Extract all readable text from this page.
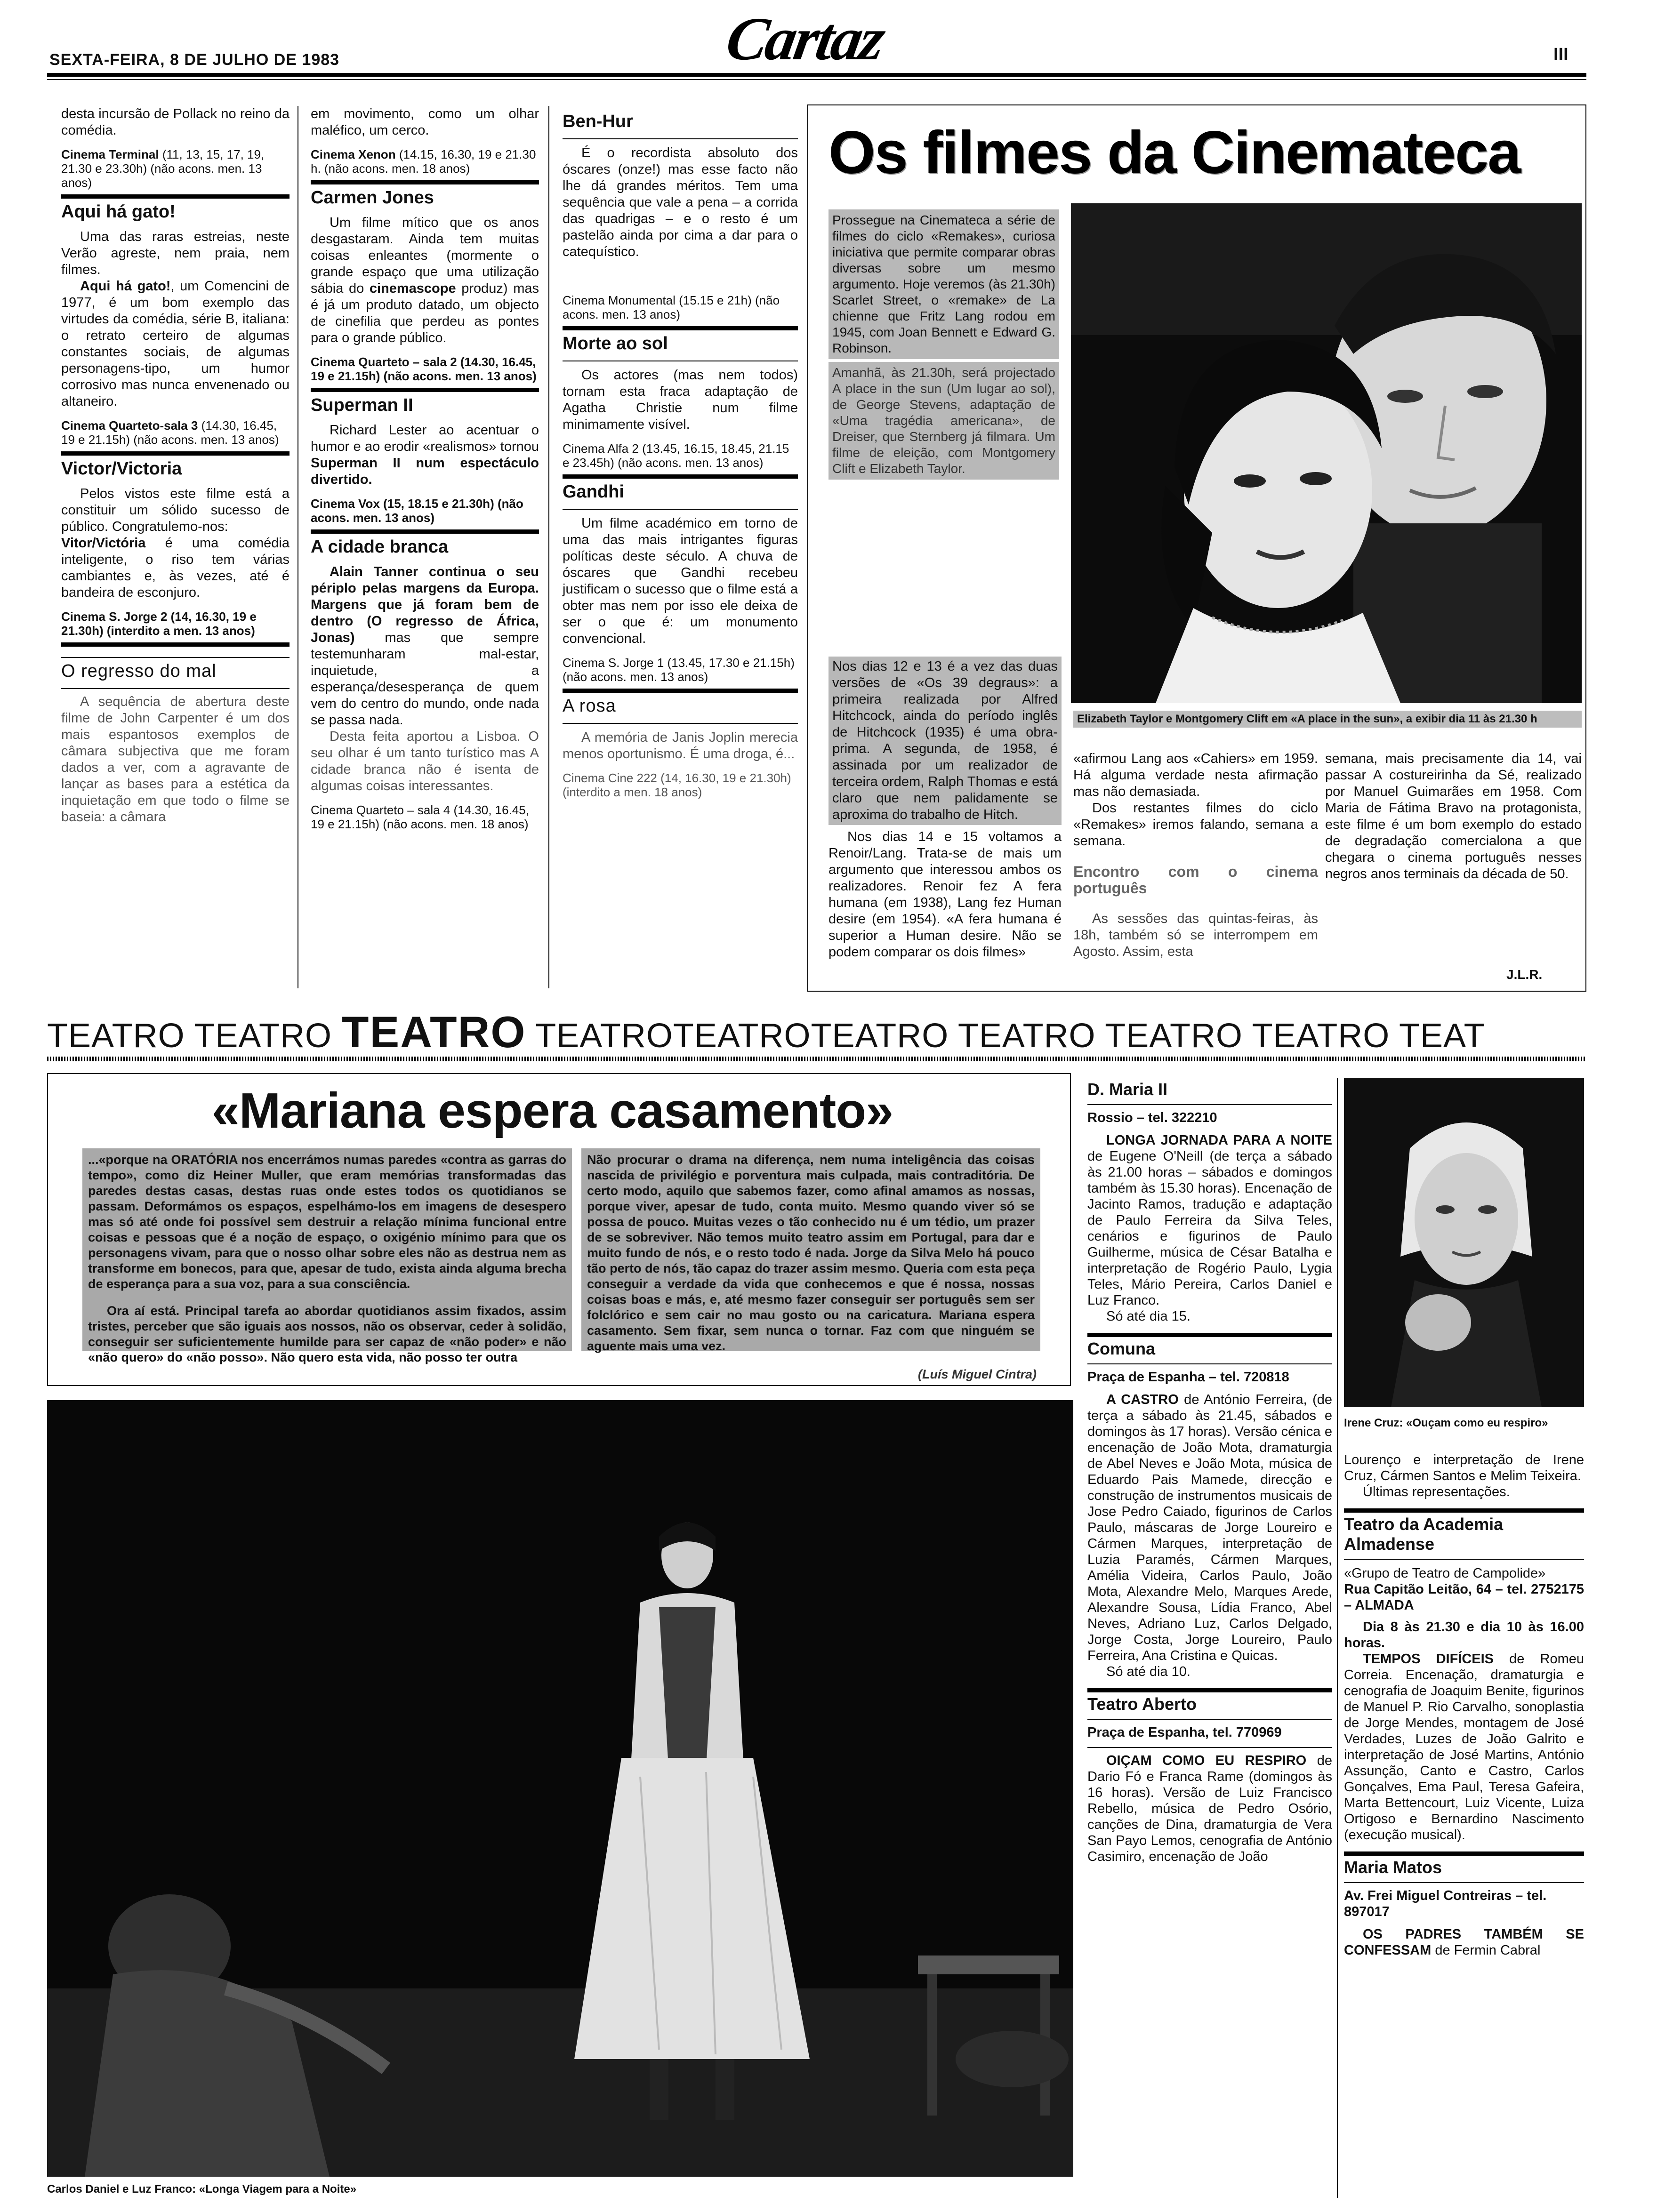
SEXTA-FEIRA, 8 DE JULHO DE 1983	Cartaz	III

desta incursão de Pollack no reino da comédia.

Cinema Terminal (11, 13, 15, 17, 19, 21.30 e 23.30h) (não acons. men. 13 anos)
Aqui há gato!

Uma das raras estreias, neste Verão agreste, nem praia, nem filmes.

Aqui há gato!, um Comencini de 1977, é um bom exemplo das virtudes da comédia, série B, italiana: o retrato certeiro de algumas constantes sociais, de algumas personagens-tipo, um humor corrosivo mas nunca envenenado ou altaneiro.

Cinema Quarteto-sala 3 (14.30, 16.45, 19 e 21.15h) (não acons. men. 13 anos)
Victor/Victoria

Pelos vistos este filme está a constituir um sólido sucesso de público. Congratulemo-nos:

Vitor/Victória é uma comédia inteligente, o riso tem várias cambiantes e, às vezes, até é bandeira de esconjuro.

Cinema S. Jorge 2 (14, 16.30, 19 e 21.30h) (interdito a men. 13 anos)
O regresso do mal

A sequência de abertura deste filme de John Carpenter é um dos mais espantosos exemplos de câmara subjectiva que me foram dados a ver, com a agravante de lançar as bases para a estética da inquietação em que todo o filme se baseia: a câmara

em movimento, como um olhar maléfico, um cerco.

Cinema Xenon (14.15, 16.30, 19 e 21.30 h. (não acons. men. 18 anos)
Carmen Jones

Um filme mítico que os anos desgastaram. Ainda tem muitas coisas enleantes (mormente o grande espaço que uma utilização sábia do cinemascope produz) mas é já um produto datado, um objecto de cinefilia que perdeu as pontes para o grande público.

Cinema Quarteto – sala 2 (14.30, 16.45, 19 e 21.15h) (não acons. men. 13 anos)
Superman II

Richard Lester ao acentuar o humor e ao erodir «realismos» tornou Superman II num espectáculo divertido.

Cinema Vox (15, 18.15 e 21.30h) (não acons. men. 13 anos)
A cidade branca

Alain Tanner continua o seu périplo pelas margens da Europa. Margens que já foram bem de dentro (O regresso de África, Jonas) mas que sempre testemunharam mal-estar, inquietude, a esperança/desesperança de quem vem do centro do mundo, onde nada se passa nada.

Desta feita aportou a Lisboa. O seu olhar é um tanto turístico mas A cidade branca não é isenta de algumas coisas interessantes.

Cinema Quarteto – sala 4 (14.30, 16.45, 19 e 21.15h) (não acons. men. 18 anos)
Ben-Hur

É o recordista absoluto dos óscares (onze!) mas esse facto não lhe dá grandes méritos. Tem uma sequência que vale a pena – a corrida das quadrigas – e o resto é um pastelão ainda por cima a dar para o catequístico.

Cinema Monumental (15.15 e 21h) (não acons. men. 13 anos)
Morte ao sol

Os actores (mas nem todos) tornam esta fraca adaptação de Agatha Christie num filme minimamente visível.

Cinema Alfa 2 (13.45, 16.15, 18.45, 21.15 e 23.45h) (não acons. men. 13 anos)
Gandhi

Um filme académico em torno de uma das mais intrigantes figuras políticas deste século. A chuva de óscares que Gandhi recebeu justificam o sucesso que o filme está a obter mas nem por isso ele deixa de ser o que é: um monumento convencional.

Cinema S. Jorge 1 (13.45, 17.30 e 21.15h) (não acons. men. 13 anos)
A rosa

A memória de Janis Joplin merecia menos oportunismo. É uma droga, é...

Cinema Cine 222 (14, 16.30, 19 e 21.30h) (interdito a men. 18 anos)
Os filmes da Cinemateca

Prossegue na Cinemateca a série de filmes do ciclo «Remakes», curiosa iniciativa que permite comparar obras diversas sobre um mesmo argumento. Hoje veremos (às 21.30h) Scarlet Street, o «remake» de La chienne que Fritz Lang rodou em 1945, com Joan Bennett e Edward G. Robinson.

Amanhã, às 21.30h, será projectado A place in the sun (Um lugar ao sol), de George Stevens, adaptação de «Uma tragédia americana», de Dreiser, que Sternberg já filmara. Um filme de eleição, com Montgomery Clift e Elizabeth Taylor.

Elizabeth Taylor e Montgomery Clift em «A place in the sun», a exibir dia 11 às 21.30 h

Nos dias 12 e 13 é a vez das duas versões de «Os 39 degraus»: a primeira realizada por Alfred Hitchcock, ainda do período inglês de Hitchcock (1935) é uma obra-prima. A segunda, de 1958, é assinada por um realizador de terceira ordem, Ralph Thomas e está claro que nem palidamente se aproxima do trabalho de Hitch.

Nos dias 14 e 15 voltamos a Renoir/Lang. Trata-se de mais um argumento que interessou ambos os realizadores. Renoir fez A fera humana (em 1938), Lang fez Human desire (em 1954). «A fera humana é superior a Human desire. Não se podem comparar os dois filmes»

«afirmou Lang aos «Cahiers» em 1959. Há alguma verdade nesta afirmação mas não demasiada.

Dos restantes filmes do ciclo «Remakes» iremos falando, semana a semana.

Encontro com o cinema português

As sessões das quintas-feiras, às 18h, também só se interrompem em Agosto. Assim, esta

semana, mais precisamente dia 14, vai passar A costureirinha da Sé, realizado por Manuel Guimarães em 1958. Com Maria de Fátima Bravo na protagonista, este filme é um bom exemplo do estado de degradação comercialona a que chegara o cinema português nesses negros anos terminais da década de 50.

J.L.R.
TEATRO TEATRO TEATRO TEATROTEATROTEATRO TEATRO TEATRO TEATRO TEAT
«Mariana espera casamento»

...«porque na ORATÓRIA nos encerrámos numas paredes «contra as garras do tempo», como diz Heiner Muller, que eram memórias transformadas das paredes destas casas, destas ruas onde estes todos os quotidianos se passam. Deformámos os espaços, espelhámo-los em imagens de desespero mas só até onde foi possível sem destruir a relação mínima funcional entre coisas e pessoas que é a noção de espaço, o oxigénio mínimo para que os personagens vivam, para que o nosso olhar sobre eles não as destrua nem as transforme em bonecos, para que, apesar de tudo, exista ainda alguma brecha de esperança para a sua voz, para a sua consciência.

Ora aí está. Principal tarefa ao abordar quotidianos assim fixados, assim tristes, perceber que são iguais aos nossos, não os observar, ceder à solidão, conseguir ser suficientemente humilde para ser capaz de «não poder» e não «não quero» do «não posso». Não quero esta vida, não posso ter outra

Não procurar o drama na diferença, nem numa inteligência das coisas nascida de privilégio e porventura mais culpada, mais contraditória. De certo modo, aquilo que sabemos fazer, como afinal amamos as nossas, porque viver, apesar de tudo, conta muito. Mesmo quando viver só se possa de pouco. Muitas vezes o tão conhecido nu é um tédio, um prazer de se sobreviver. Não temos muito teatro assim em Portugal, para dar e muito fundo de nós, e o resto todo é nada. Jorge da Silva Melo há pouco tão perto de nós, tão capaz do trazer assim mesmo. Queria com esta peça conseguir a verdade da vida que conhecemos e que é nossa, nossas coisas boas e más, e, até mesmo fazer conseguir ser português sem ser folclórico e sem cair no mau gosto ou na caricatura. Mariana espera casamento. Sem fixar, sem nunca o tornar. Faz com que ninguém se aguente mais uma vez.

(Luís Miguel Cintra)
Carlos Daniel e Luz Franco: «Longa Viagem para a Noite»
Irene Cruz: «Ouçam como eu respiro»
D. Maria II
Rossio – tel. 322210

LONGA JORNADA PARA A NOITE de Eugene O'Neill (de terça a sábado às 21.00 horas – sábados e domingos também às 15.30 horas). Encenação de Jacinto Ramos, tradução e adaptação de Paulo Ferreira da Silva Teles, cenários e figurinos de Paulo Guilherme, música de César Batalha e interpretação de Rogério Paulo, Lygia Teles, Mário Pereira, Carlos Daniel e Luz Franco.

Só até dia 15.

Comuna
Praça de Espanha – tel. 720818

A CASTRO de António Ferreira, (de terça a sábado às 21.45, sábados e domingos às 17 horas). Versão cénica e encenação de João Mota, dramaturgia de Abel Neves e João Mota, música de Eduardo Pais Mamede, direcção e construção de instrumentos musicais de Jose Pedro Caiado, figurinos de Carlos Paulo, máscaras de Jorge Loureiro e Cármen Marques, interpretação de Luzia Paramés, Cármen Marques, Amélia Videira, Carlos Paulo, João Mota, Alexandre Melo, Marques Arede, Alexandre Sousa, Lídia Franco, Abel Neves, Adriano Luz, Carlos Delgado, Jorge Costa, Jorge Loureiro, Paulo Ferreira, Ana Cristina e Quicas.

Só até dia 10.

Teatro Aberto
Praça de Espanha, tel. 770969

OIÇAM COMO EU RESPIRO de Dario Fó e Franca Rame (domingos às 16 horas). Versão de Luiz Francisco Rebello, música de Pedro Osório, canções de Dina, dramaturgia de Vera San Payo Lemos, cenografia de António Casimiro, encenação de João

Lourenço e interpretação de Irene Cruz, Cármen Santos e Melim Teixeira.

Últimas representações.

Teatro da Academia Almadense

«Grupo de Teatro de Campolide»

Rua Capitão Leitão, 64 – tel. 2752175 – ALMADA

Dia 8 às 21.30 e dia 10 às 16.00 horas.

TEMPOS DIFÍCEIS de Romeu Correia. Encenação, dramaturgia e cenografia de Joaquim Benite, figurinos de Manuel P. Rio Carvalho, sonoplastia de Jorge Mendes, montagem de José Verdades, Luzes de João Galrito e interpretação de José Martins, António Assunção, Canto e Castro, Carlos Gonçalves, Ema Paul, Teresa Gafeira, Marta Bettencourt, Luiz Vicente, Luiza Ortigoso e Bernardino Nascimento (execução musical).

Maria Matos
Av. Frei Miguel Contreiras – tel. 897017

OS PADRES TAMBÉM SE CONFESSAM de Fermin Cabral
